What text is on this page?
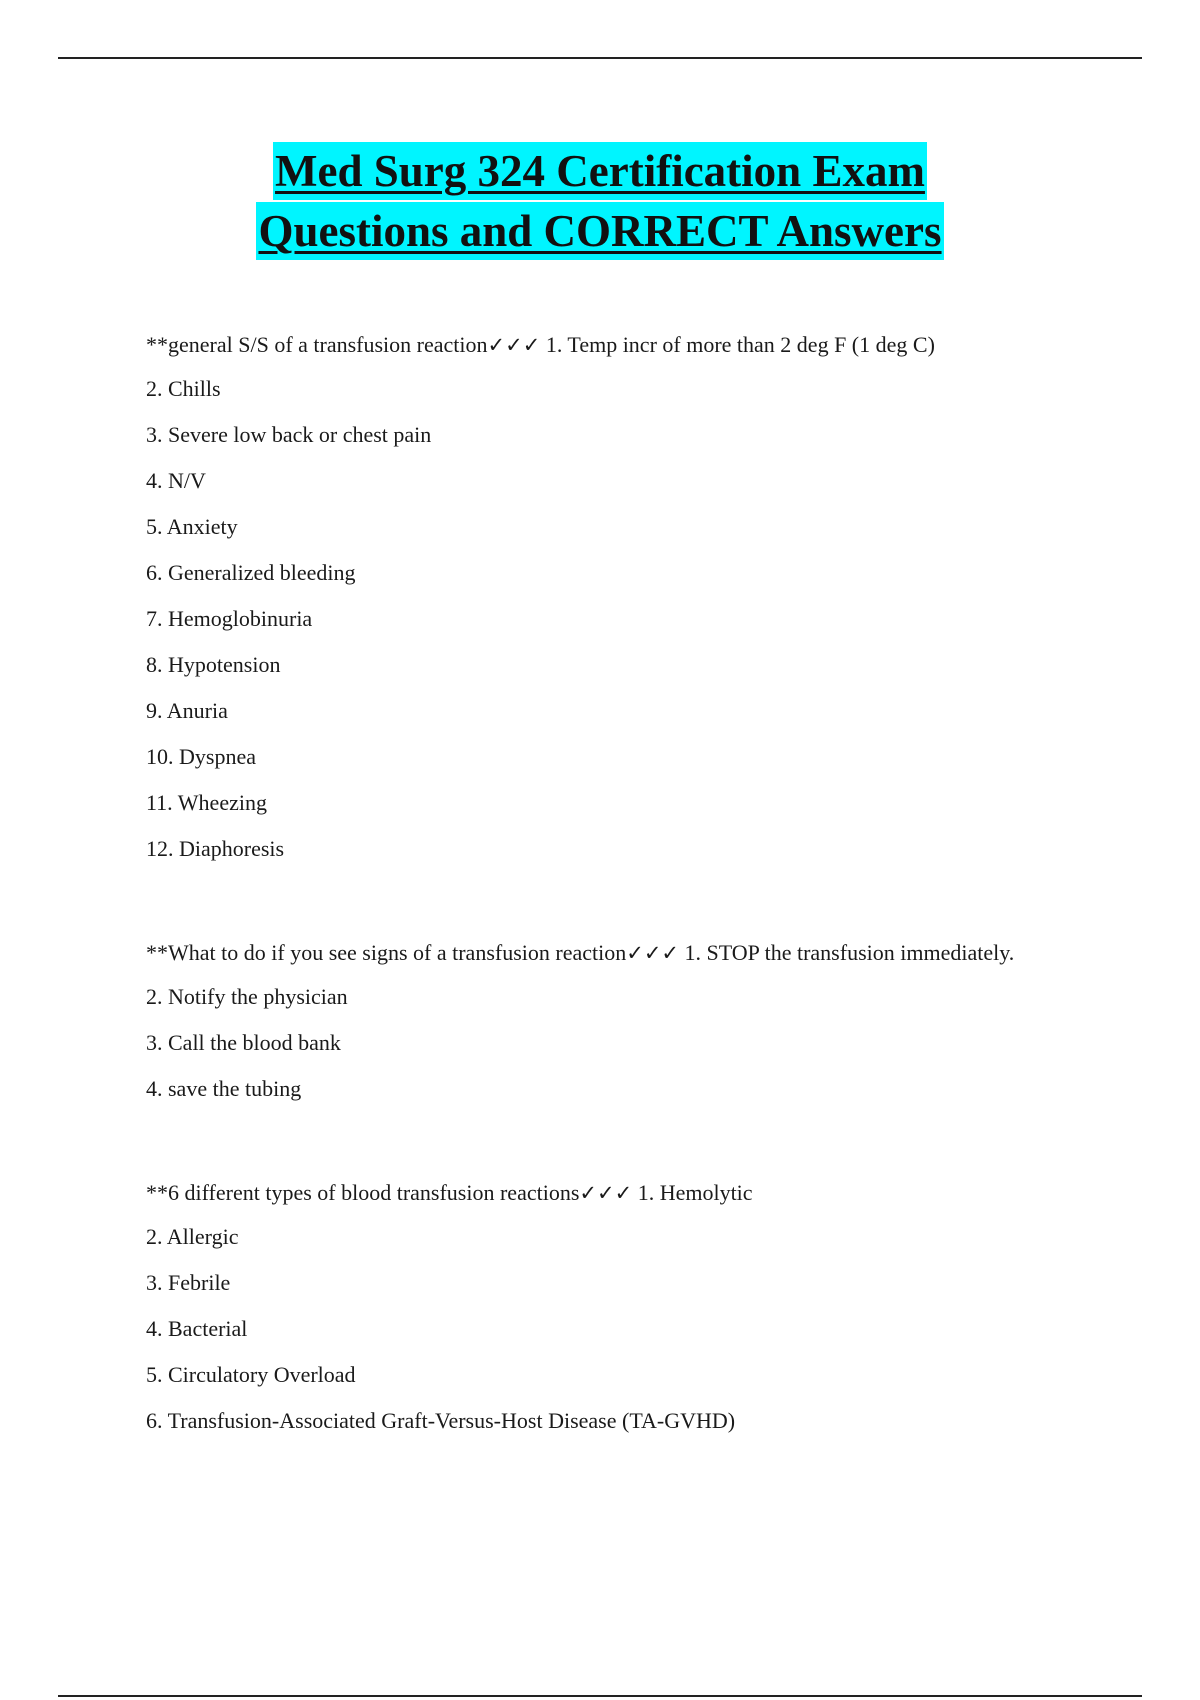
Med Surg 324 Certification Exam
Questions and CORRECT Answers

**general S/S of a transfusion reaction✓✓✓ 1. Temp incr of more than 2 deg F (1 deg C)

2. Chills

3. Severe low back or chest pain

4. N/V

5. Anxiety

6. Generalized bleeding

7. Hemoglobinuria

8. Hypotension

9. Anuria

10. Dyspnea

11. Wheezing

12. Diaphoresis

**What to do if you see signs of a transfusion reaction✓✓✓ 1. STOP the transfusion immediately.

2. Notify the physician

3. Call the blood bank

4. save the tubing

**6 different types of blood transfusion reactions✓✓✓ 1. Hemolytic

2. Allergic

3. Febrile

4. Bacterial

5. Circulatory Overload

6. Transfusion-Associated Graft-Versus-Host Disease (TA-GVHD)
